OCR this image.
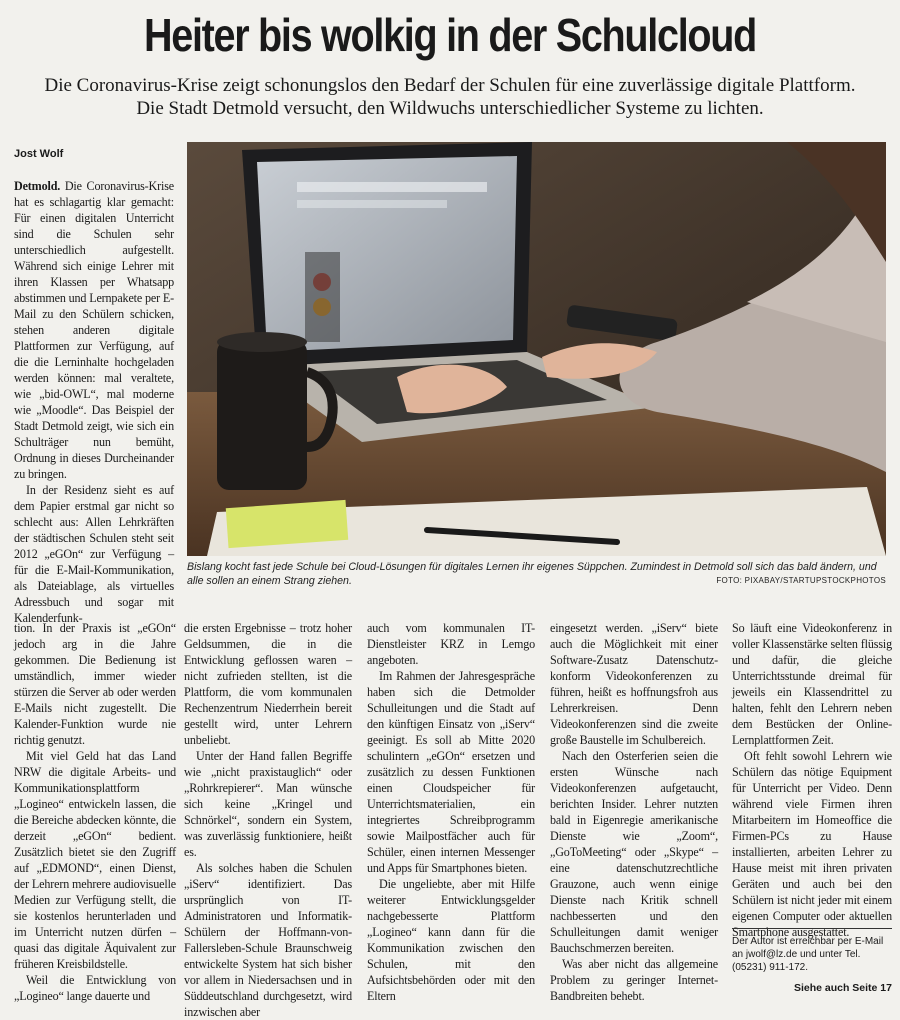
Heiter bis wolkig in der Schulcloud
Die Coronavirus-Krise zeigt schonungslos den Bedarf der Schulen für eine zuverlässige digitale Plattform.
Die Stadt Detmold versucht, den Wildwuchs unterschiedlicher Systeme zu lichten.
Jost Wolf

Detmold. Die Coronavirus-Krise hat es schlagartig klar gemacht: Für einen digitalen Unterricht sind die Schulen sehr unterschiedlich aufgestellt. Während sich einige Lehrer mit ihren Klassen per Whatsapp abstimmen und Lernpakete per E-Mail zu den Schülern schicken, stehen anderen digitale Plattformen zur Verfügung, auf die die Lerninhalte hochgeladen werden können: mal veraltete, wie „bid-OWL“, mal moderne wie „Moodle“. Das Beispiel der Stadt Detmold zeigt, wie sich ein Schulträger nun bemüht, Ordnung in dieses Durcheinander zu bringen.

In der Residenz sieht es auf dem Papier erstmal gar nicht so schlecht aus: Allen Lehrkräften der städtischen Schulen steht seit 2012 „eGOn“ zur Verfügung – für die E-Mail-Kommunikation, als Dateiablage, als virtuelles Adressbuch und sogar mit Kalenderfunk-

Bislang kocht fast jede Schule bei Cloud-Lösungen für digitales Lernen ihr eigenes Süppchen. Zumindest in Detmold soll sich das bald ändern, und alle sollen an einem Strang ziehen.	FOTO: PIXABAY/STARTUPSTOCKPHOTOS

tion. In der Praxis ist „eGOn“ jedoch arg in die Jahre gekommen. Die Bedienung ist umständlich, immer wieder stürzen die Server ab oder werden E-Mails nicht zugestellt. Die Kalender-Funktion wurde nie richtig genutzt.

Mit viel Geld hat das Land NRW die digitale Arbeits- und Kommunikationsplattform „Logineo“ entwickeln lassen, die die Bereiche abdecken könnte, die derzeit „eGOn“ bedient. Zusätzlich bietet sie den Zugriff auf „EDMOND“, einen Dienst, der Lehrern mehrere audiovisuelle Medien zur Verfügung stellt, die sie kostenlos herunterladen und im Unterricht nutzen dürfen – quasi das digitale Äquivalent zur früheren Kreisbildstelle.

Weil die Entwicklung von „Logineo“ lange dauerte und

die ersten Ergebnisse – trotz hoher Geldsummen, die in die Entwicklung geflossen waren – nicht zufrieden stellten, ist die Plattform, die vom kommunalen Rechenzentrum Niederrhein bereit gestellt wird, unter Lehrern unbeliebt.

Unter der Hand fallen Begriffe wie „nicht praxistauglich“ oder „Rohrkrepierer“. Man wünsche sich keine „Kringel und Schnörkel“, sondern ein System, was zuverlässig funktioniere, heißt es.

Als solches haben die Schulen „iServ“ identifiziert. Das ursprünglich von IT-Administratoren und Informatik-Schülern der Hoffmann-von-Fallersleben-Schule Braunschweig entwickelte System hat sich bisher vor allem in Niedersachsen und in Süddeutschland durchgesetzt, wird inzwischen aber

auch vom kommunalen IT-Dienstleister KRZ in Lemgo angeboten.

Im Rahmen der Jahresgespräche haben sich die Detmolder Schulleitungen und die Stadt auf den künftigen Einsatz von „iServ“ geeinigt. Es soll ab Mitte 2020 schulintern „eGOn“ ersetzen und zusätzlich zu dessen Funktionen einen Cloudspeicher für Unterrichtsmaterialien, ein integriertes Schreibprogramm sowie Mailpostfächer auch für Schüler, einen internen Messenger und Apps für Smartphones bieten.

Die ungeliebte, aber mit Hilfe weiterer Entwicklungsgelder nachgebesserte Plattform „Logineo“ kann dann für die Kommunikation zwischen den Schulen, mit den Aufsichtsbehörden oder mit den Eltern

eingesetzt werden. „iServ“ biete auch die Möglichkeit mit einer Software-Zusatz Datenschutz-konform Videokonferenzen zu führen, heißt es hoffnungsfroh aus Lehrerkreisen. Denn Videokonferenzen sind die zweite große Baustelle im Schulbereich.

Nach den Osterferien seien die ersten Wünsche nach Videokonferenzen aufgetaucht, berichten Insider. Lehrer nutzten bald in Eigenregie amerikanische Dienste wie „Zoom“, „GoToMeeting“ oder „Skype“ – eine datenschutzrechtliche Grauzone, auch wenn einige Dienste nach Kritik schnell nachbesserten und den Schulleitungen damit weniger Bauchschmerzen bereiten.

Was aber nicht das allgemeine Problem zu geringer Internet-Bandbreiten behebt.

So läuft eine Videokonferenz in voller Klassenstärke selten flüssig und dafür, die gleiche Unterrichtsstunde dreimal für jeweils ein Klassendrittel zu halten, fehlt den Lehrern neben dem Bestücken der Online-Lernplattformen Zeit.

Oft fehlt sowohl Lehrern wie Schülern das nötige Equipment für Unterricht per Video. Denn während viele Firmen ihren Mitarbeitern im Homeoffice die Firmen-PCs zu Hause installierten, arbeiten Lehrer zu Hause meist mit ihren privaten Geräten und auch bei den Schülern ist nicht jeder mit einem eigenen Computer oder aktuellen Smartphone ausgestattet.

Der Autor ist erreichbar per E-Mail an jwolf@lz.de und unter Tel. (05231) 911-172.
Siehe auch Seite 17
